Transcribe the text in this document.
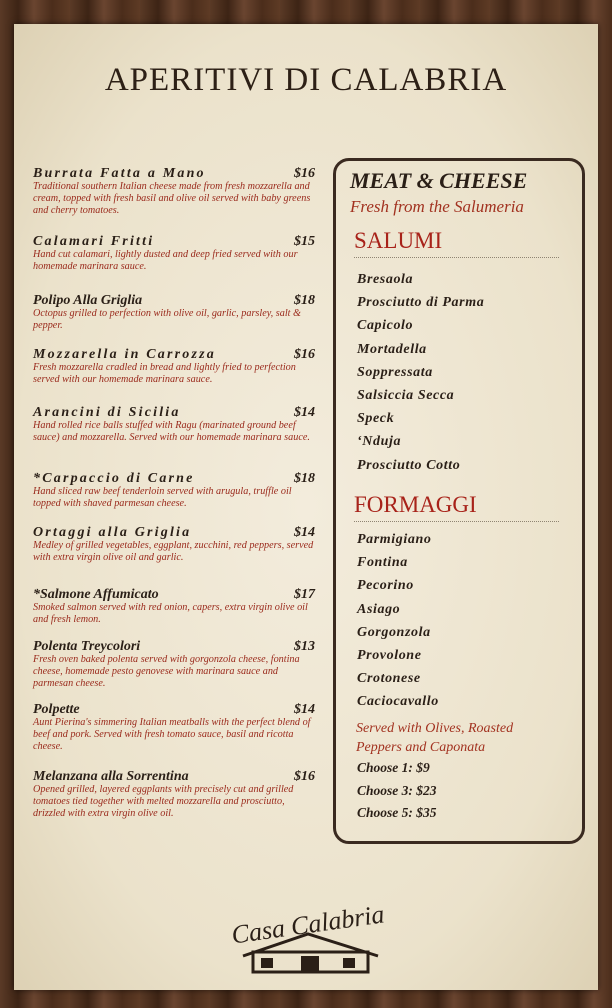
APERITIVI DI CALABRIA
Burrata Fatta a Mano	$16
Traditional southern Italian cheese made from fresh mozzarella and cream, topped with fresh basil and olive oil served with baby greens and cherry tomatoes.
Calamari Fritti	$15
Hand cut calamari, lightly dusted and deep fried served with our homemade marinara sauce.
Polipo Alla Griglia	$18
Octopus grilled to perfection with olive oil, garlic, parsley, salt & pepper.
Mozzarella in Carrozza	$16
Fresh mozzarella cradled in bread and lightly fried to perfection served with our homemade marinara sauce.
Arancini di Sicilia	$14
Hand rolled rice balls stuffed with Ragu (marinated ground beef sauce) and mozzarella. Served with our homemade marinara sauce.
*Carpaccio di Carne	$18
Hand sliced raw beef tenderloin served with arugula, truffle oil topped with shaved parmesan cheese.
Ortaggi alla Griglia	$14
Medley of grilled vegetables, eggplant, zucchini, red peppers, served with extra virgin olive oil and garlic.
*Salmone Affumicato	$17
Smoked salmon served with red onion, capers, extra virgin olive oil and fresh lemon.
Polenta Treycolori	$13
Fresh oven baked polenta served with gorgonzola cheese, fontina cheese, homemade pesto genovese with marinara sauce and parmesan cheese.
Polpette	$14
Aunt Pierina's simmering Italian meatballs with the perfect blend of beef and pork. Served with fresh tomato sauce, basil and ricotta cheese.
Melanzana alla Sorrentina	$16
Opened grilled, layered eggplants with precisely cut and grilled tomatoes tied together with melted mozzarella and prosciutto, drizzled with extra virgin olive oil.
MEAT & CHEESE
Fresh from the Salumeria
SALUMI
Bresaola
Prosciutto di Parma
Capicolo
Mortadella
Soppressata
Salsiccia Secca
Speck
‘Nduja
Prosciutto Cotto
FORMAGGI
Parmigiano
Fontina
Pecorino
Asiago
Gorgonzola
Provolone
Crotonese
Caciocavallo
Served with Olives, Roasted Peppers and Caponata
Choose 1: $9
Choose 3: $23
Choose 5: $35
Casa Calabria
